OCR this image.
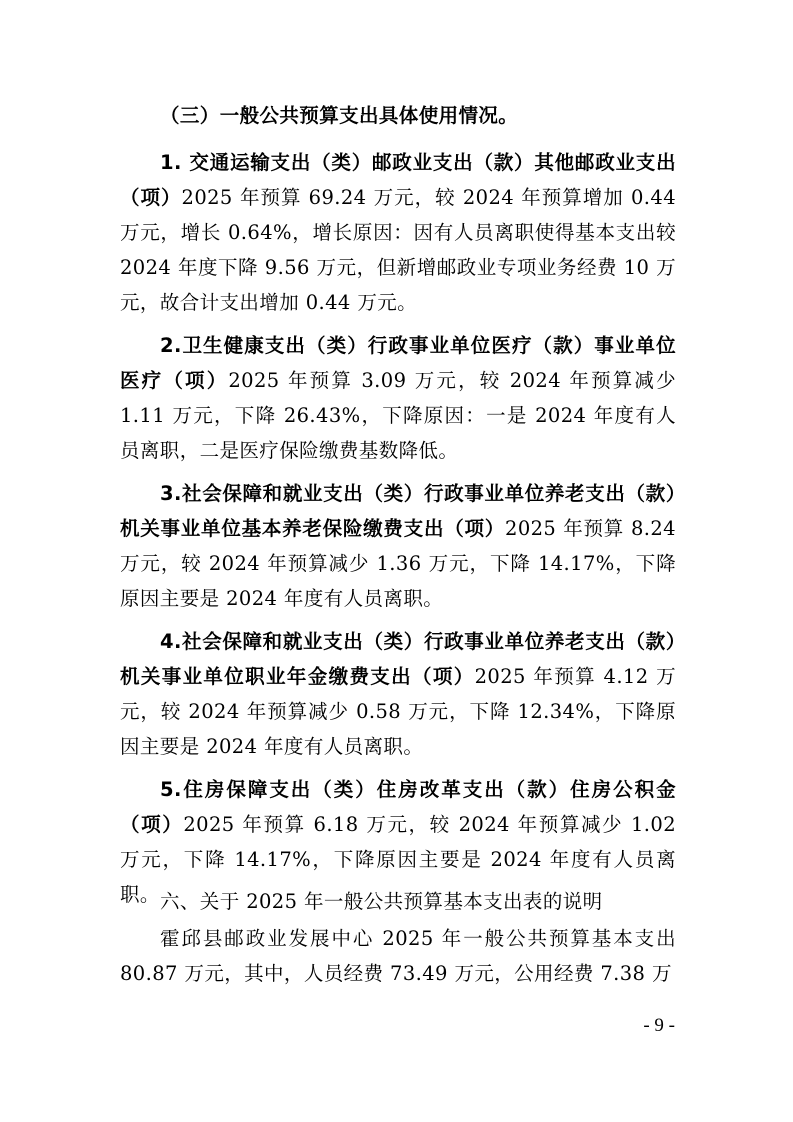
（三）一般公共预算支出具体使用情况。

1. 交通运输支出（类）邮政业支出（款）其他邮政业支出（项）2025 年预算 69.24 万元，较 2024 年预算增加 0.44 万元，增长 0.64%，增长原因：因有人员离职使得基本支出较 2024 年度下降 9.56 万元，但新增邮政业专项业务经费 10 万元，故合计支出增加 0.44 万元。

2.卫生健康支出（类）行政事业单位医疗（款）事业单位医疗（项）2025 年预算 3.09 万元，较 2024 年预算减少 1.11 万元，下降 26.43%，下降原因：一是 2024 年度有人员离职，二是医疗保险缴费基数降低。

3.社会保障和就业支出（类）行政事业单位养老支出（款）机关事业单位基本养老保险缴费支出（项）2025 年预算 8.24 万元，较 2024 年预算减少 1.36 万元，下降 14.17%，下降原因主要是 2024 年度有人员离职。

4.社会保障和就业支出（类）行政事业单位养老支出（款）机关事业单位职业年金缴费支出（项）2025 年预算 4.12 万元，较 2024 年预算减少 0.58 万元，下降 12.34%，下降原因主要是 2024 年度有人员离职。

5.住房保障支出（类）住房改革支出（款）住房公积金（项）2025 年预算 6.18 万元，较 2024 年预算减少 1.02 万元，下降 14.17%，下降原因主要是 2024 年度有人员离职。 六、关于 2025 年一般公共预算基本支出表的说明

霍邱县邮政业发展中心 2025 年一般公共预算基本支出 80.87 万元，其中，人员经费 73.49 万元，公用经费 7.38 万

- 9 -
